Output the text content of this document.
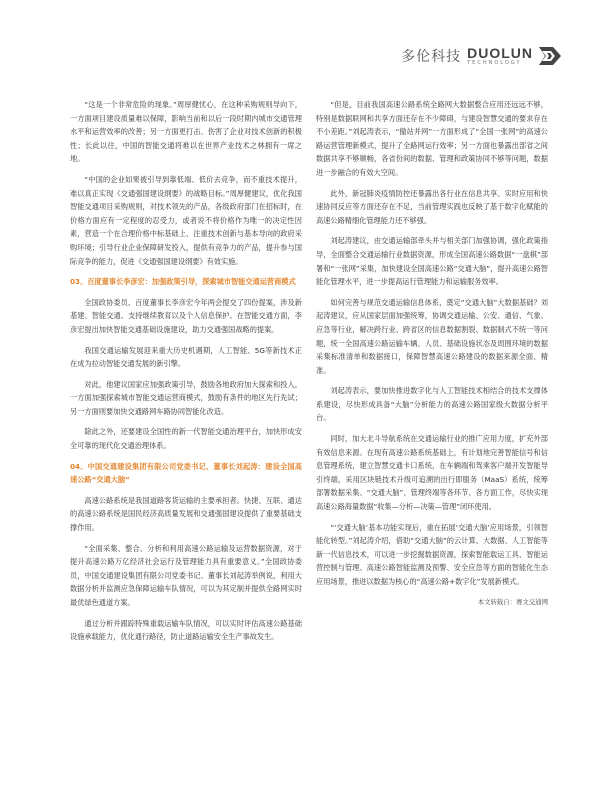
多伦科技 DUOLUN
TECHNOLOGY

“这是一个非常危险的现象。”周厚健忧心，在这种采购规则导向下，一方面项目建设质量难以保障，影响当前和以后一段时期内城市交通管理水平和运营效率的改善；另一方面更打击、伤害了企业对技术创新的积极性；长此以往，中国的智能交通将难以在世界产业技术之林拥有一席之地。

“中国的企业如果被引导到靠低端、低价去竞争，而不重技术提升，难以真正实现《交通强国建设纲要》的战略目标。”周厚健建议，优化我国智能交通项目采购规则，对技术领先的产品，各级政府部门在招标时，在价格方面应有一定程度的忍受力，或者说不将价格作为唯一的决定性因素，营造一个在合理价格中标基础上、注重技术创新与基本导向的政府采购环境；引导行业企业保障研发投入，提供有竞争力的产品，提升参与国际竞争的能力，促进《交通强国建设纲要》有效实施。

03、百度董事长李彦宏：加强政策引导，探索城市智能交通运营商模式

全国政协委员、百度董事长李彦宏今年两会提交了四份提案，涉及新基建、智能交通、支持继续教育以及个人信息保护。在智能交通方面，李彦宏提出加快智能交通基础设施建设，助力交通强国战略的提案。

我国交通运输发展迎来重大历史机遇期，人工智能、5G等新技术正在成为拉动智能交通发展的新引擎。

对此，他建议国家应加强政策引导，鼓励各地政府加大探索和投入，一方面加强探索城市智能交通运营商模式，鼓励有条件的地区先行先试；另一方面则要加快交通路网车路协同智能化改造。

除此之外，还要建设全国性的新一代智能交通治理平台，加快形成安全可靠的现代化交通治理体系。

04、中国交通建设集团有限公司党委书记、董事长刘起涛：建设全国高速公路“交通大脑”

高速公路系统是我国道路客货运输的主要承担者。快捷、互联、通达的高速公路系统是国民经济高质量发展和交通强国建设提供了重要基础支撑作用。

“全面采集、整合、分析和利用高速公路运输及运营数据资源，对于提升高速公路万亿经济社会运行及管理能力具有重要意义。”全国政协委员，中国交通建设集团有限公司党委书记、董事长刘起涛举例说，利用大数据分析并监测应急保障运输车队情况，可以为其定制并提供全路网实时最优绿色通道方案。

通过分析并跟踪特殊重载运输车队情况，可以实时评估高速公路基础设施承载能力，优化通行路径，防止道路运输安全生产事故发生。

“但是，目前我国高速公路系统全路网大数据整合应用还远远不够，特别是数据联网和共享方面还存在不少障碍，与建设智慧交通的要求存在不小差距。”刘起涛表示，“撤站并网”一方面形成了“全国一张网”的高速公路运营管理新模式，提升了全路网运行效率；另一方面也暴露出部省之间数据共享不够顺畅，各省份间的数据、管理和政策协同不够等问题，数据进一步融合的有效大空间。

此外，新冠肺炎疫情防控还暴露出各行业在信息共享、实时应用和快速协同反应等方面还存在不足，当前管理实践也反映了基于数字化赋能的高速公路精细化管理能力还不够强。

刘起涛建议，由交通运输部牵头并与相关部门加强协调，强化政策指导，全面整合交通运输行业数据资源，形成全国高速公路数据“一盘棋”部署和“一张网”采集，加快建设全国高速公路“交通大脑”，提升高速公路智能化管理水平，进一步提高运行管理能力和运输服务效率。

如何完善与规范交通运输信息体系，奠定“交通大脑”大数据基础？刘起涛建议，应从国家层面加强统筹，协调交通运输、公安、通信、气象、应急等行业，解决跨行业、跨省区的信息数据割裂、数据制式不统一等问题，统一全国高速公路运输车辆、人员、基础设施状态及周围环境的数据采集标准清单和数据接口，保障智慧高速公路建设的数据来源全面、精准。

刘起涛表示，要加快推进数字化与人工智能技术相结合的技术支撑体系建设，尽快形成具备“大脑”分析能力的高速公路国家级大数据分析平台。

同时，加大北斗导航系统在交通运输行业的推广应用力度，扩充外部有效信息来源。在现有高速公路系统基础上，有计划地完善智能信号和信息管理系统，建立智慧交通卡口系统，在车辆端和驾乘客户端开发智能导引终端，采用区块链技术升级可追溯的出行即服务（MaaS）系统，统筹部署数据采集、“交通大脑”、管理终端等各环节、各方面工作，尽快实现高速公路海量数据“收集—分析—决策—管理”闭环使用。

“‘交通大脑’基本功能实现后，重在拓展‘交通大脑’应用场景，引领智能化转型。”刘起涛介绍，借助“交通大脑”的云计算、大数据、人工智能等新一代信息技术，可以进一步挖掘数据资源，探索智能载运工具、智能运营控制与管理、高速公路智能监测及预警、安全应急等方面的智能化生态应用场景，推进以数据为核心的“高速公路+数字化”发展新模式。

本文转载自：赛文交通网
